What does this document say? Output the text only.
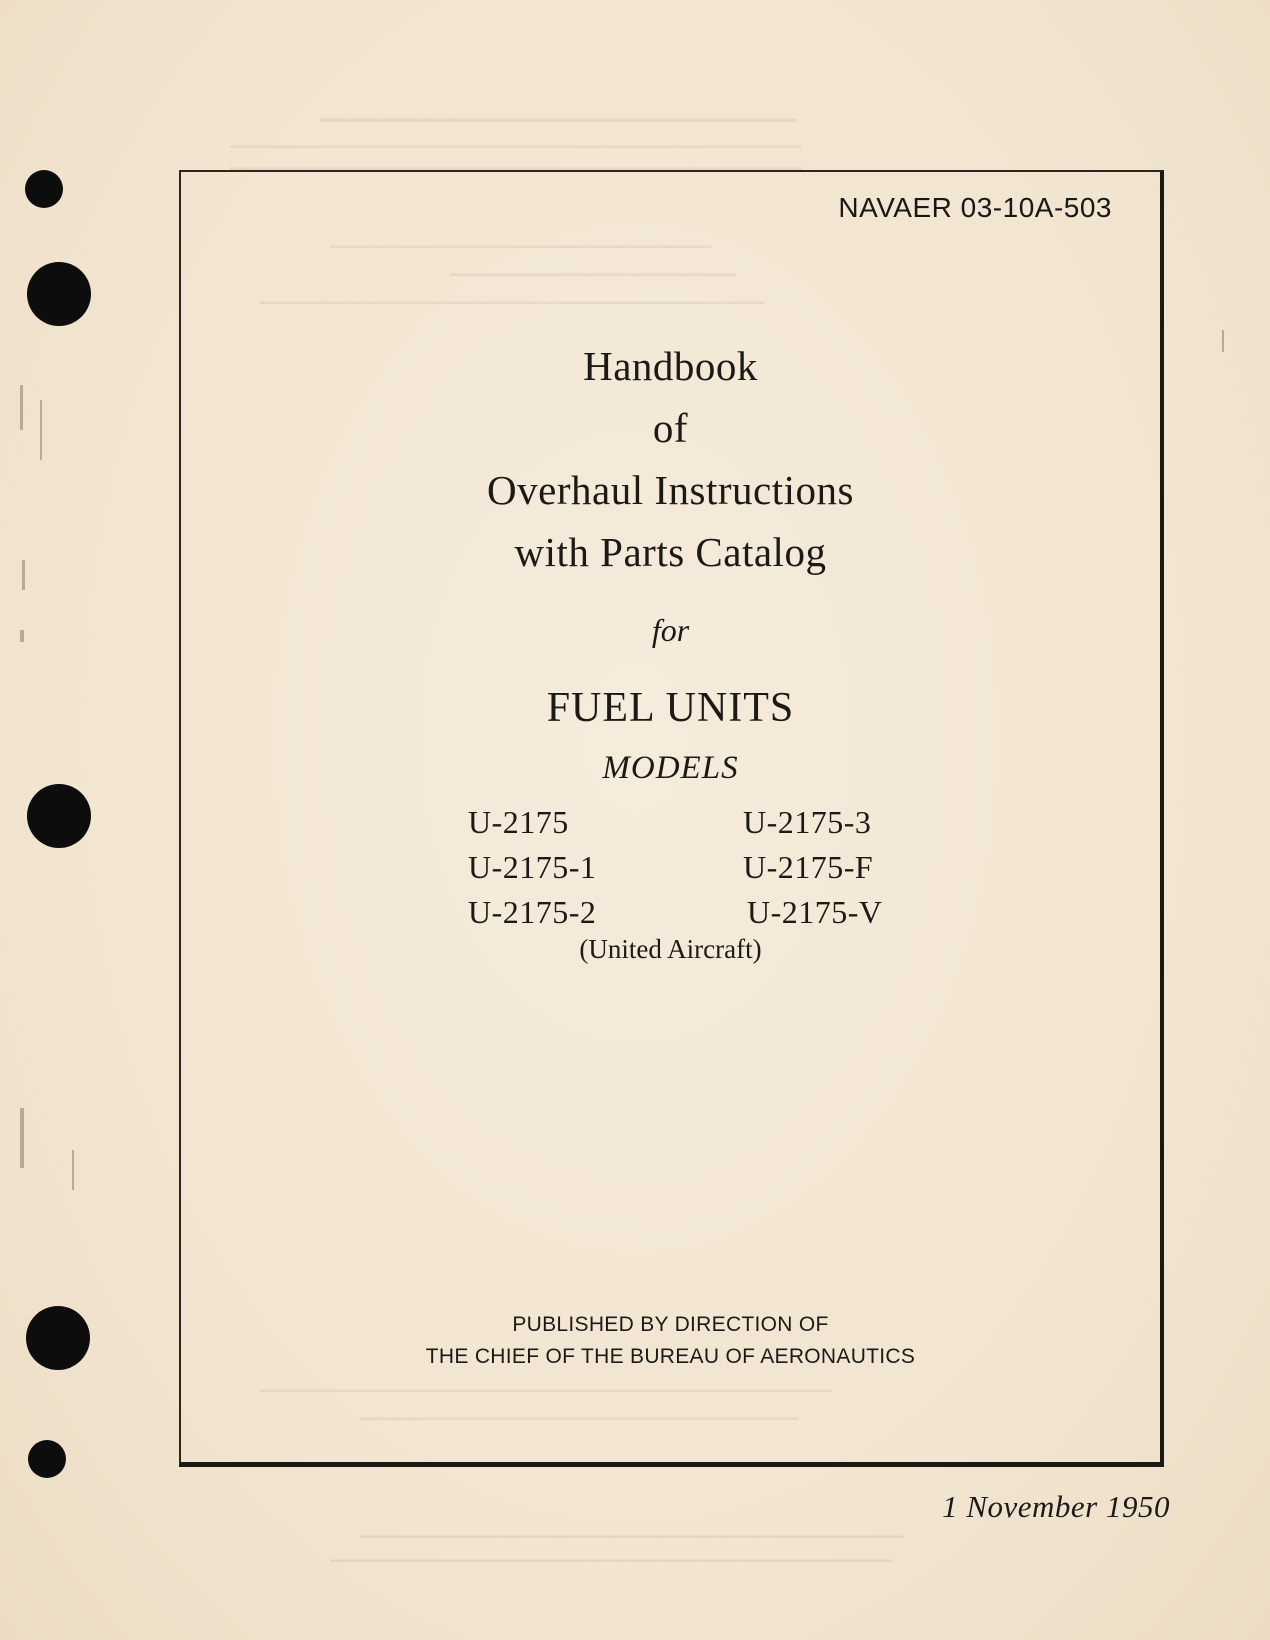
━━━━━━━━━━━━━━━━━━━━━━━━━━━━━━━━━━━━━━
━━━━━━━━━━━━━━━━━━━━━━━━━━━━━━━━━━━━━━━━━━━━━━━━━━━━━━━━━━━━
━━━━━━━━━━━━━━━━━━━━━━━━━━━━━━━━━━━━━━━━━━━━━━━━━━━━━━━━━━━━
━━━━━━━━━━━━━━━━━━━━━━━━━━━━━━━━━━━━━━━━
━━━━━━━━━━━━━━━━━━━━━━━━━━━━━━
━━━━━━━━━━━━━━━━━━━━━━━━━━━━━━━━━━━━━━━━━━━━━━━━━━━━━
━━━━━━━━━━━━━━━━━━━━━━━━━━━━━━━━━━━━━━━━━━━━━━━━━━━━━━━━━━━━
━━━━━━━━━━━━━━━━━━━━━━━━━━━━━━━━━━━━━━━━━━━━━━
━━━━━━━━━━━━━━━━━━━━━━━━━━━━━━━━━━━━━━━━━━━━━━━━━━━━━━━━━
━━━━━━━━━━━━━━━━━━━━━━━━━━━━━━━━━━━━━━━━━━━━━━━━━━━━━━━━━━━
NAVAER 03-10A-503
Handbook
of
Overhaul Instructions
with Parts Catalog
for
FUEL UNITS
MODELS
U-2175	U-2175-3
U-2175-1	U-2175-F
U-2175-2	U-2175-V
(United Aircraft)
PUBLISHED BY DIRECTION OF
THE CHIEF OF THE BUREAU OF AERONAUTICS
1 November 1950
